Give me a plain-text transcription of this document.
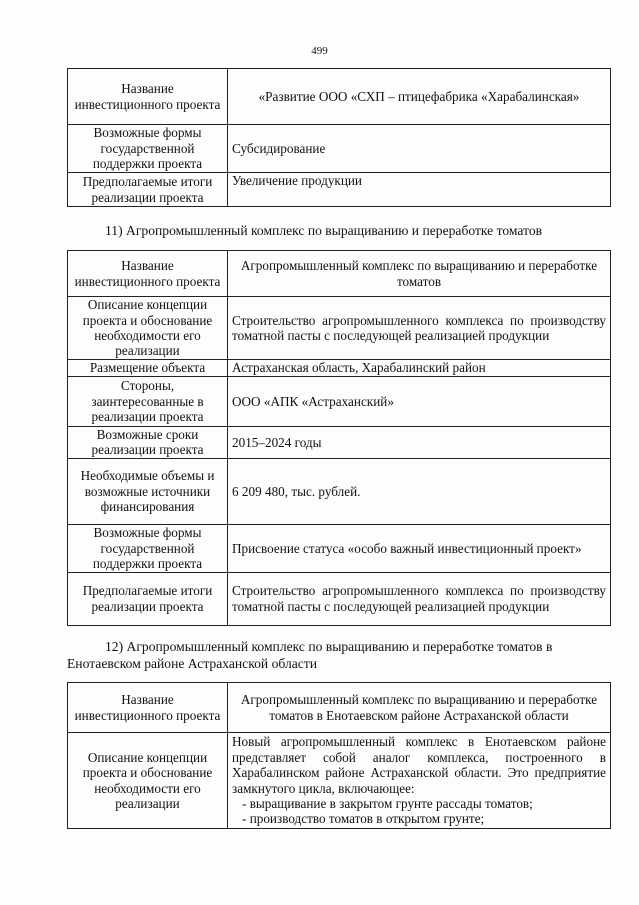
499
Название инвестиционного проекта	«Развитие ООО «СХП – птицефабрика «Харабалинская»
Возможные формы государственной поддержки проекта	Субсидирование
Предполагаемые итоги реализации проекта	Увеличение продукции
11) Агропромышленный комплекс по выращиванию и переработке томатов
Название инвестиционного проекта	Агропромышленный комплекс по выращиванию и переработке томатов
Описание концепции проекта и обоснование необходимости его реализации	Строительство агропромышленного комплекса по производству томатной пасты с последующей реализацией продукции
Размещение объекта	Астраханская область, Харабалинский район
Стороны, заинтересованные в реализации проекта	ООО «АПК «Астраханский»
Возможные сроки реализации проекта	2015–2024 годы
Необходимые объемы и возможные источники финансирования	6 209 480, тыс. рублей.
Возможные формы государственной поддержки проекта	Присвоение статуса «особо важный инвестиционный проект»
Предполагаемые итоги реализации проекта	Строительство агропромышленного комплекса по производству томатной пасты с последующей реализацией продукции
12) Агропромышленный комплекс по выращиванию и переработке томатов в Енотаевском районе Астраханской области
Название инвестиционного проекта	Агропромышленный комплекс по выращиванию и переработке томатов в Енотаевском районе Астраханской области
Описание концепции проекта и обоснование необходимости его реализации	Новый агропромышленный комплекс в Енотаевском районе представляет собой аналог комплекса, построенного в Харабалинском районе Астраханской области. Это предприятие замкнутого цикла, включающее:
- выращивание в закрытом грунте рассады томатов;
- производство томатов в открытом грунте;
